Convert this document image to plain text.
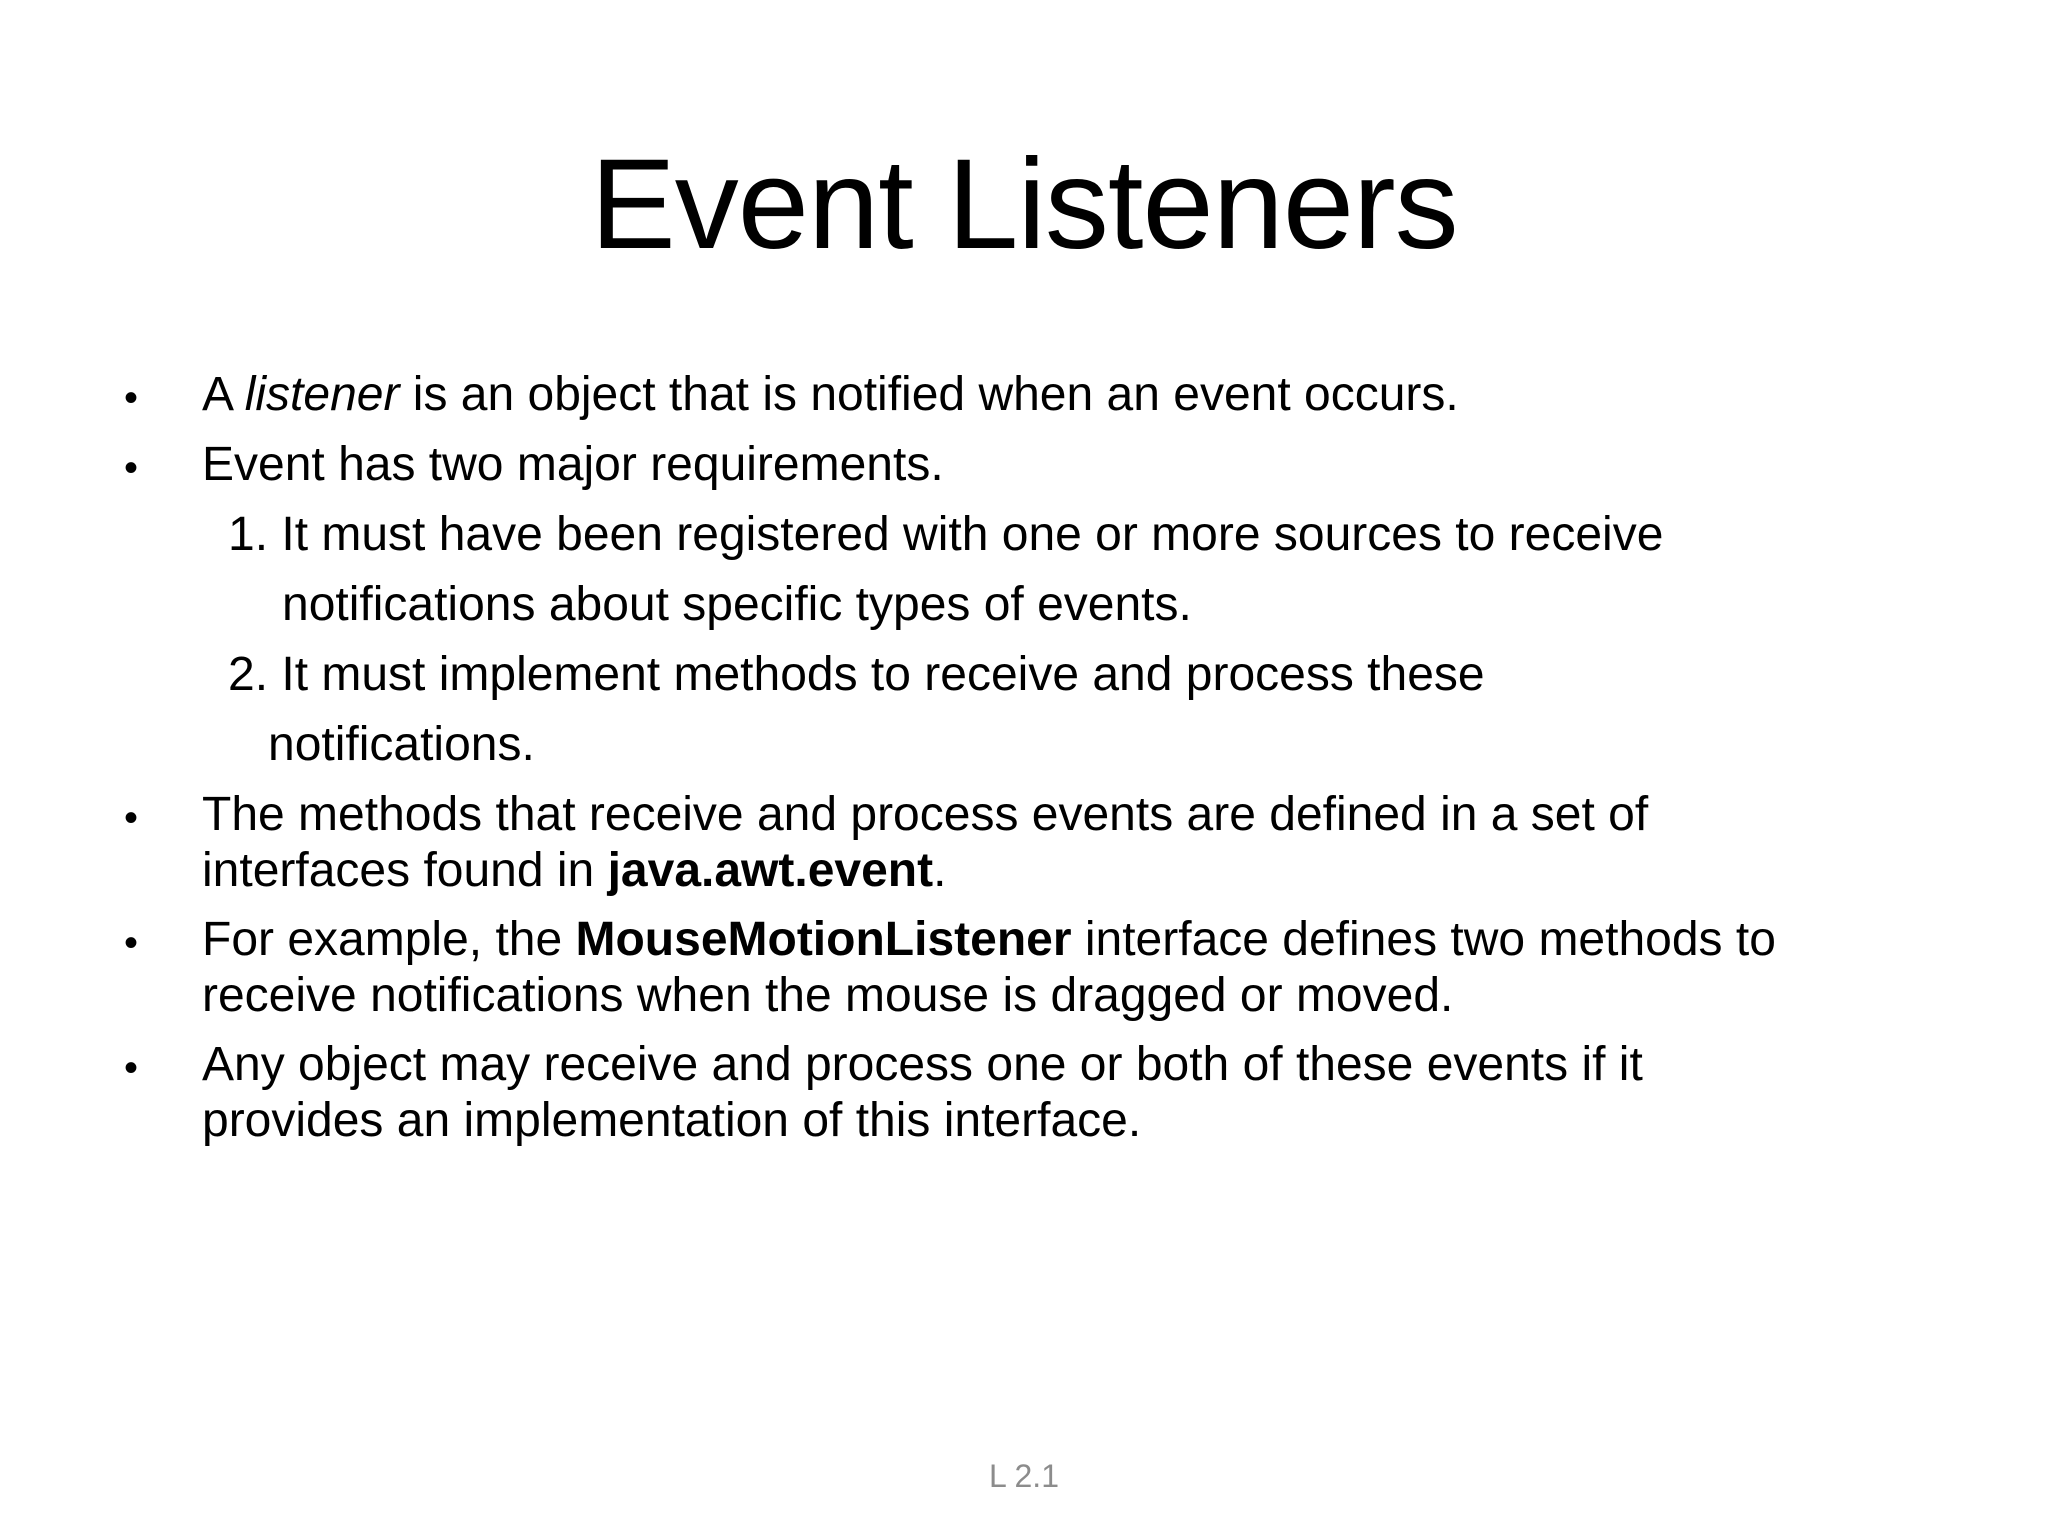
Event Listeners
• A listener is an object that is notified when an event occurs.
• Event has two major requirements.
1. It must have been registered with one or more sources to receive
notifications about specific types of events.
2. It must implement methods to receive and process these
notifications.
• The methods that receive and process events are defined in a set of
interfaces found in java.awt.event.
• For example, the MouseMotionListener interface defines two methods to
receive notifications when the mouse is dragged or moved.
• Any object may receive and process one or both of these events if it
provides an implementation of this interface.
L 2.1
